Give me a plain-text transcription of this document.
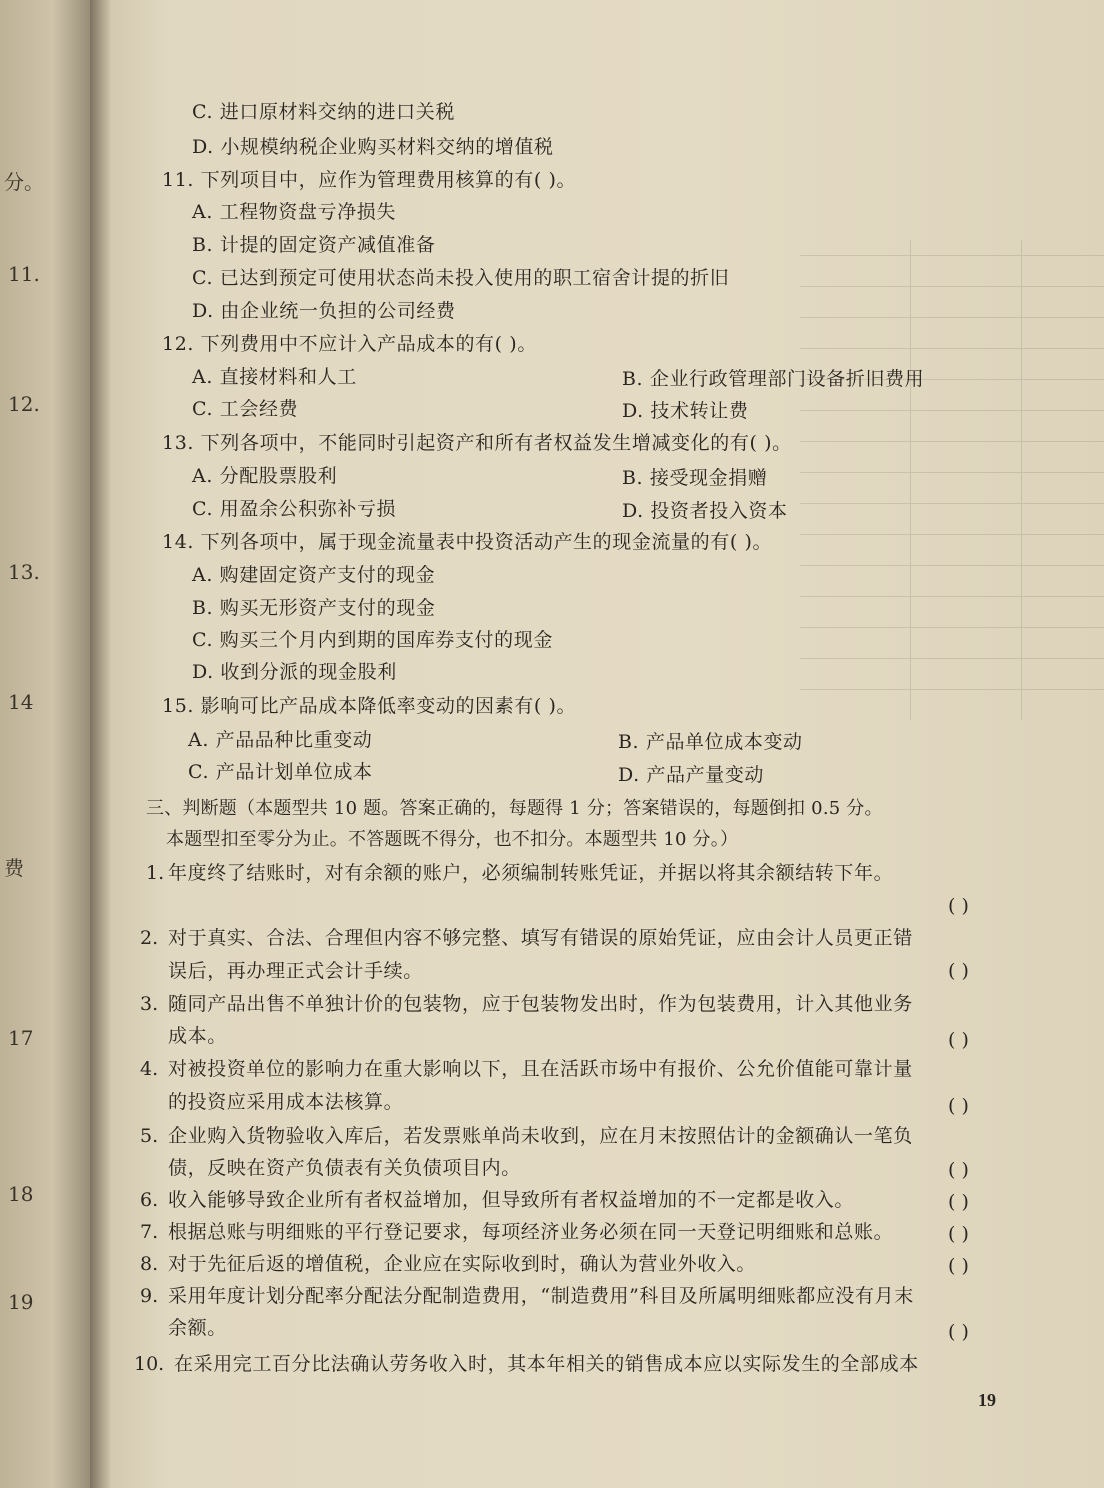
分。
11.
12.
13.
14
费
17
18
19
C. 进口原材料交纳的进口关税
D. 小规模纳税企业购买材料交纳的增值税
11. 下列项目中，应作为管理费用核算的有( )。
A. 工程物资盘亏净损失
B. 计提的固定资产减值准备
C. 已达到预定可使用状态尚未投入使用的职工宿舍计提的折旧
D. 由企业统一负担的公司经费
12. 下列费用中不应计入产品成本的有( )。
A. 直接材料和人工	B. 企业行政管理部门设备折旧费用
C. 工会经费	D. 技术转让费
13. 下列各项中，不能同时引起资产和所有者权益发生增减变化的有( )。
A. 分配股票股利	B. 接受现金捐赠
C. 用盈余公积弥补亏损	D. 投资者投入资本
14. 下列各项中，属于现金流量表中投资活动产生的现金流量的有( )。
A. 购建固定资产支付的现金
B. 购买无形资产支付的现金
C. 购买三个月内到期的国库券支付的现金
D. 收到分派的现金股利
15. 影响可比产品成本降低率变动的因素有( )。
A. 产品品种比重变动	B. 产品单位成本变动
C. 产品计划单位成本	D. 产品产量变动
三、判断题（本题型共 10 题。答案正确的，每题得 1 分；答案错误的，每题倒扣 0.5 分。
本题型扣至零分为止。不答题既不得分，也不扣分。本题型共 10 分。）
1. 年度终了结账时，对有余额的账户，必须编制转账凭证，并据以将其余额结转下年。
( )
2. 对于真实、合法、合理但内容不够完整、填写有错误的原始凭证，应由会计人员更正错
误后，再办理正式会计手续。	( )
3. 随同产品出售不单独计价的包装物，应于包装物发出时，作为包装费用，计入其他业务
成本。	( )
4. 对被投资单位的影响力在重大影响以下，且在活跃市场中有报价、公允价值能可靠计量
的投资应采用成本法核算。	( )
5. 企业购入货物验收入库后，若发票账单尚未收到，应在月末按照估计的金额确认一笔负
债，反映在资产负债表有关负债项目内。	( )
6. 收入能够导致企业所有者权益增加，但导致所有者权益增加的不一定都是收入。	( )
7. 根据总账与明细账的平行登记要求，每项经济业务必须在同一天登记明细账和总账。	( )
8. 对于先征后返的增值税，企业应在实际收到时，确认为营业外收入。	( )
9. 采用年度计划分配率分配法分配制造费用，“制造费用”科目及所属明细账都应没有月末
余额。	( )
10. 在采用完工百分比法确认劳务收入时，其本年相关的销售成本应以实际发生的全部成本
19
